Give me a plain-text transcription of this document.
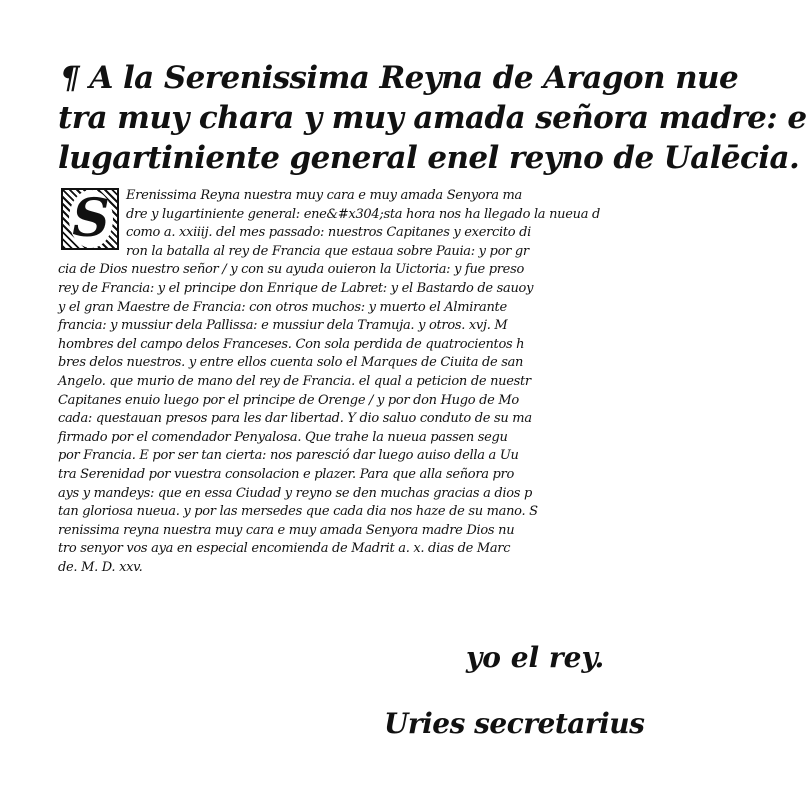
¶ A la Serenissima Reyna de Aragon nue
tra muy chara y muy amada señora madre: e
lugartiniente general enel reyno de Ualēcia.
S	Erenissima Reyna nuestra muy cara e muy amada Senyora ma
dre y lugartiniente general: ene&#x304;sta hora nos ha llegado la nueua d
como a. xxiiij. del mes passado: nuestros Capitanes y exercito di
ron la batalla al rey de Francia que estaua sobre Pauia: y por gr
cia de Dios nuestro señor / y con su ayuda ouieron la Uictoria: y fue preso
rey de Francia: y el principe don Enrique de Labret: y el Bastardo de sauoy
y el gran Maestre de Francia: con otros muchos: y muerto el Almirante
francia: y mussiur dela Pallissa: e mussiur dela Tramuja. y otros. xvj. M
hombres del campo delos Franceses. Con sola perdida de quatrocientos h
bres delos nuestros. y entre ellos cuenta solo el Marques de Ciuita de san
Angelo. que murio de mano del rey de Francia. el qual a peticion de nuestr
Capitanes enuio luego por el principe de Orenge / y por don Hugo de Mo
cada: questauan presos para les dar libertad. Y dio saluo conduto de su ma
firmado por el comendador Penyalosa. Que trahe la nueua passen segu
por Francia. E por ser tan cierta: nos paresció dar luego auiso della a Uu
tra Serenidad por vuestra consolacion e plazer. Para que alla señora pro
ays y mandeys: que en essa Ciudad y reyno se den muchas gracias a dios p
tan gloriosa nueua. y por las mersedes que cada dia nos haze de su mano. S
renissima reyna nuestra muy cara e muy amada Senyora madre Dios nu
tro senyor vos aya en especial encomienda de Madrit a. x. dias de Marc
de. M. D. xxv.
yo el rey.
Uries secretarius
